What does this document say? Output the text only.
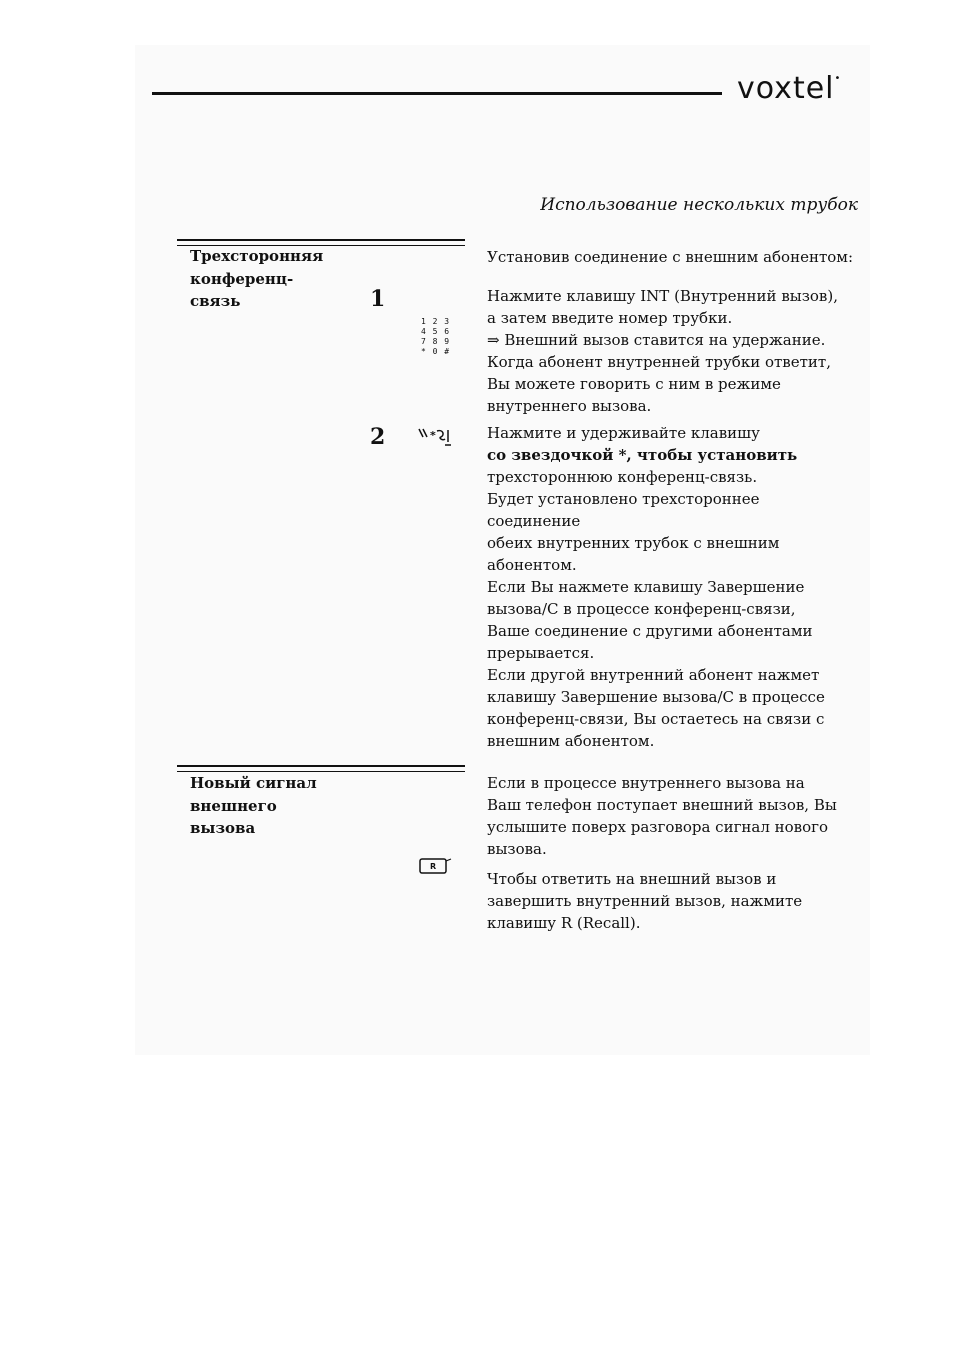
voxtel•
Использование нескольких трубок
Трехсторонняя
конференц-
связь	1
1 2 3
4 5 6
7 8 9
* 0 #

Установив соединение с внешним абонентом:

Нажмите клавишу INT (Внутренний вызов),

а затем введите номер трубки.

⇒ Внешний вызов ставится на удержание.

Когда абонент внутренней трубки ответит,

Вы можете говорить с ним в режиме

внутреннего вызова.

2	*	Нажмите и удерживайте клавишу

со звездочкой *, чтобы установить

трехстороннюю конференц-связь.

Будет установлено трехстороннее соединение

обеих внутренних трубок с внешним

абонентом.

Если Вы нажмете клавишу Завершение

вызова/С в процессе конференц-связи,

Ваше соединение с другими абонентами

прерывается.

Если другой внутренний абонент нажмет

клавишу Завершение вызова/С в процессе

конференц-связи, Вы остаетесь на связи с

внешним абонентом.

Новый сигнал
внешнего
вызова

Если в процессе внутреннего вызова на

Ваш телефон поступает внешний вызов, Вы

услышите поверх разговора сигнал нового

вызова.

R

Чтобы ответить на внешний вызов и

завершить внутренний вызов, нажмите

клавишу R (Recall).
